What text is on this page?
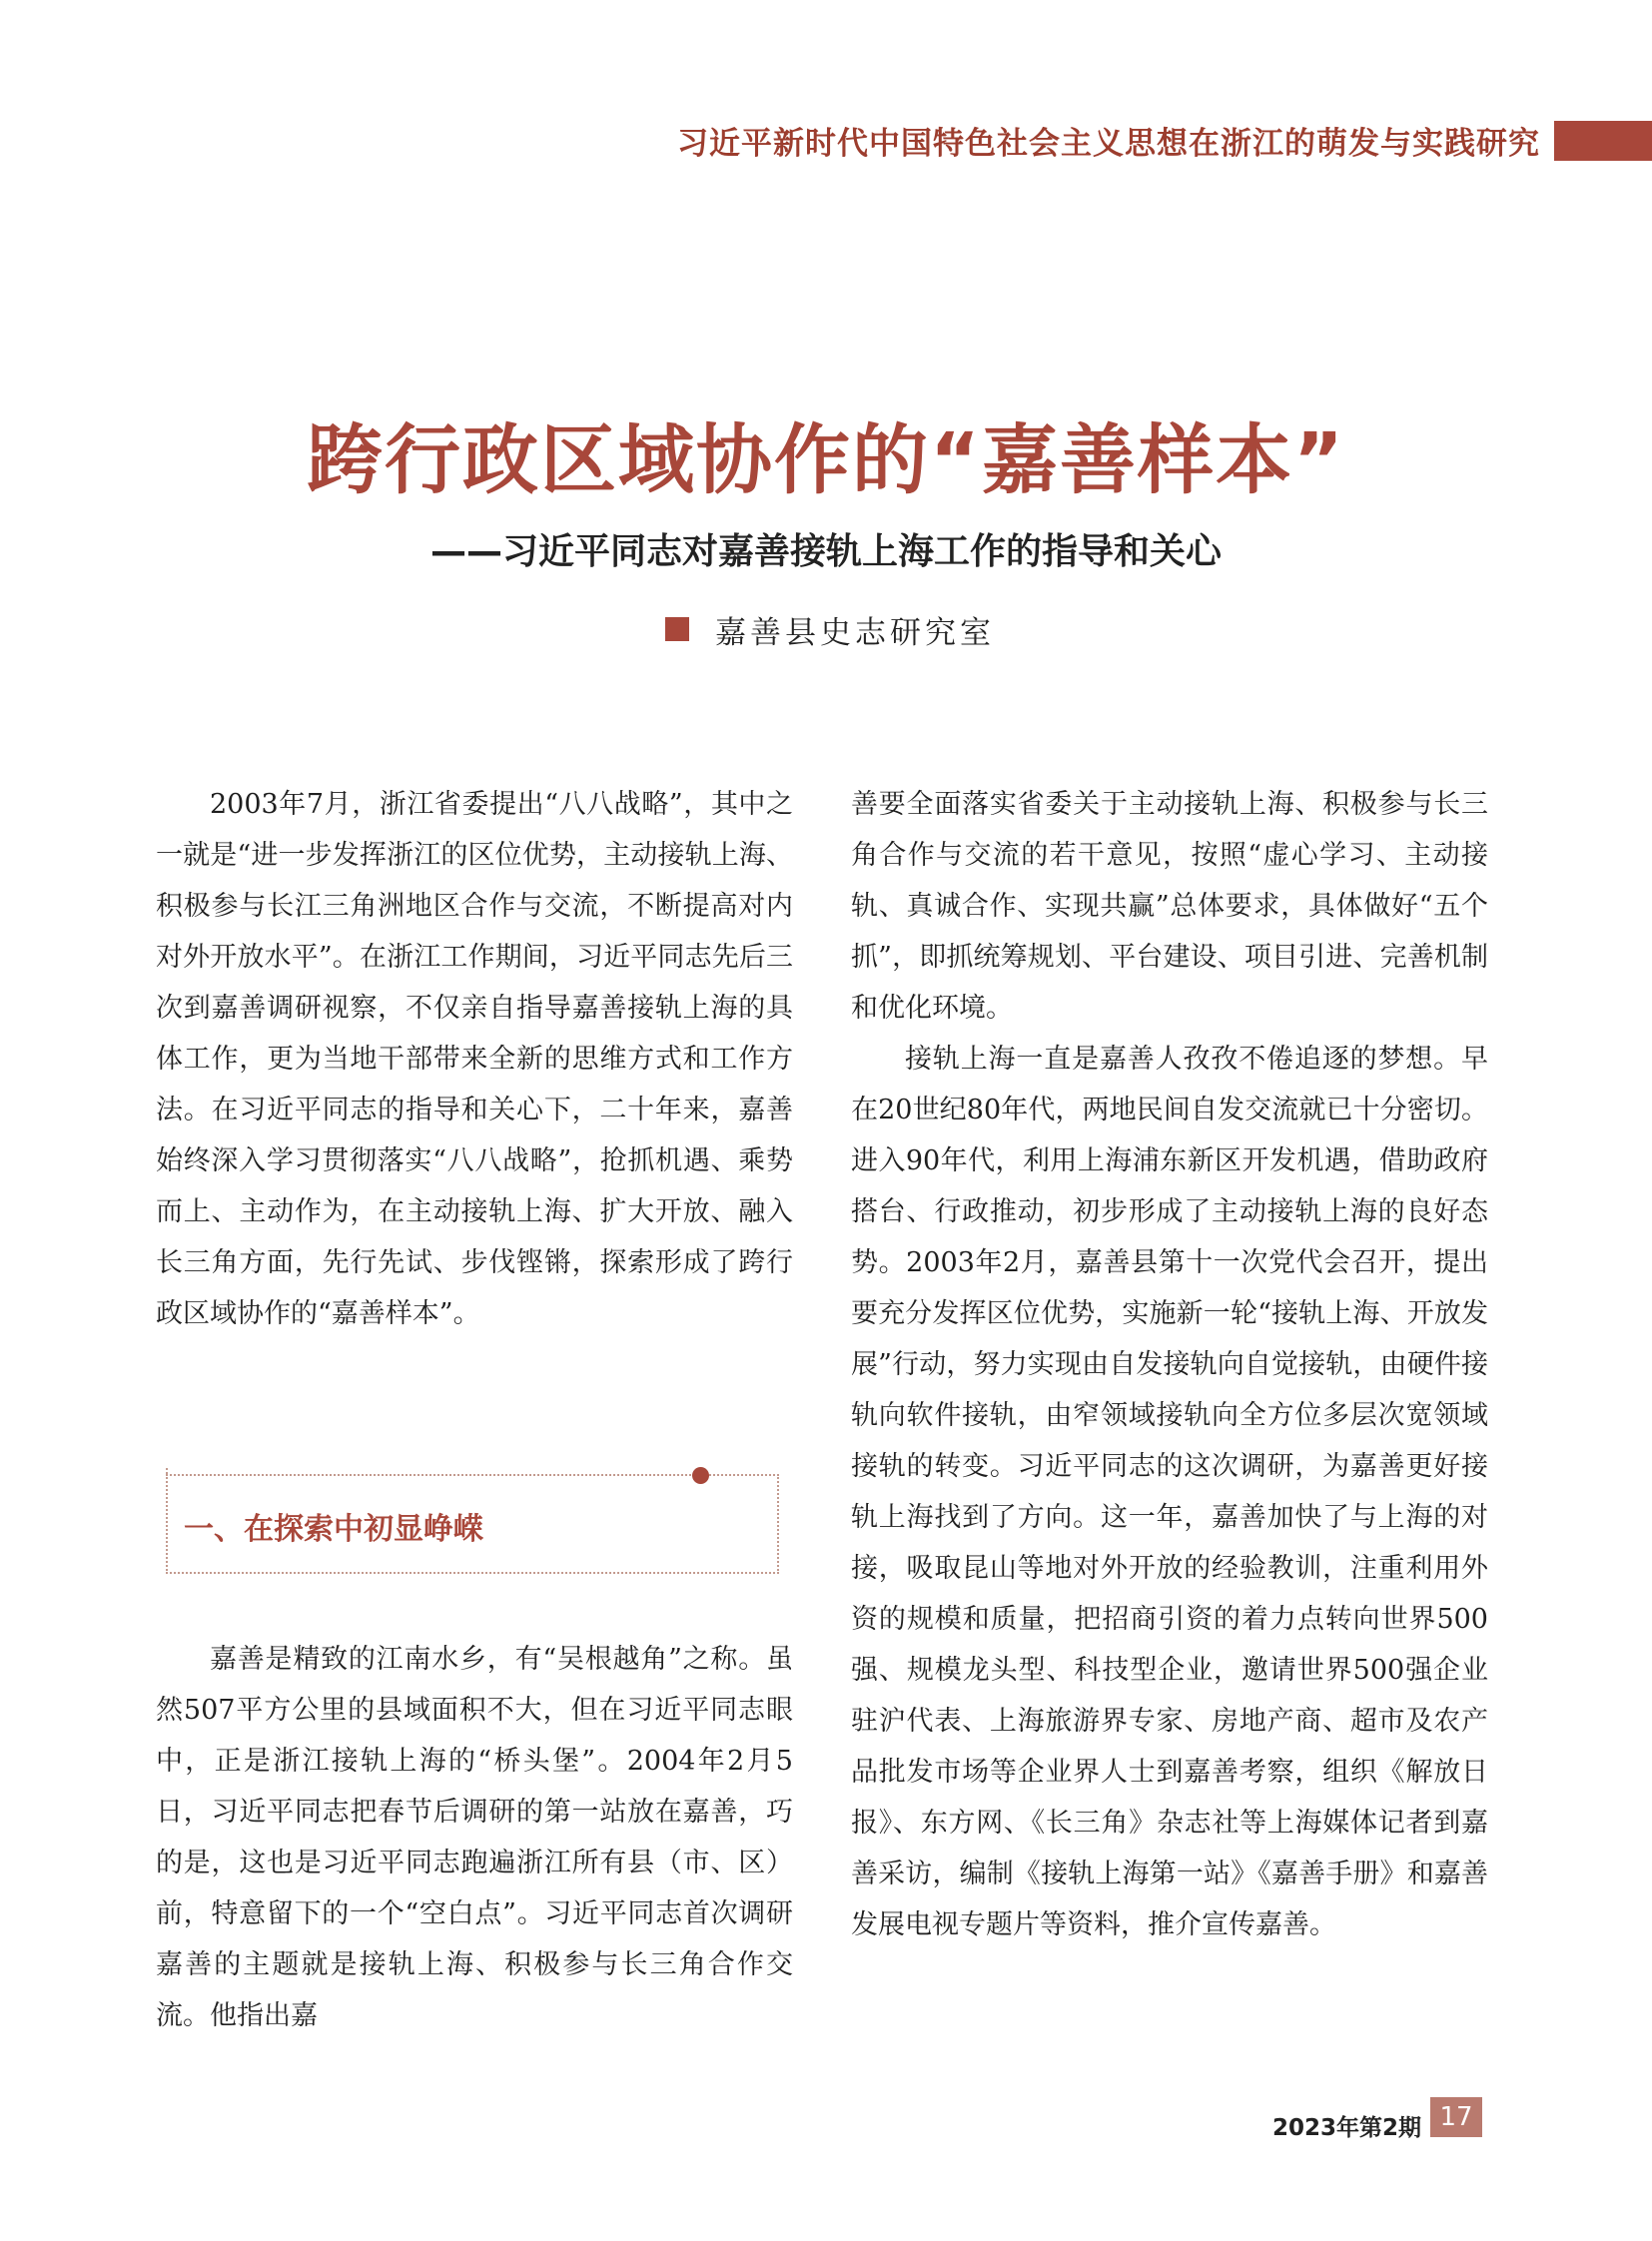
习近平新时代中国特色社会主义思想在浙江的萌发与实践研究
跨行政区域协作的“嘉善样本”
——习近平同志对嘉善接轨上海工作的指导和关心
嘉善县史志研究室

2003年7月，浙江省委提出“八八战略”，其中之一就是“进一步发挥浙江的区位优势，主动接轨上海、积极参与长江三角洲地区合作与交流，不断提高对内对外开放水平”。在浙江工作期间，习近平同志先后三次到嘉善调研视察，不仅亲自指导嘉善接轨上海的具体工作，更为当地干部带来全新的思维方式和工作方法。在习近平同志的指导和关心下，二十年来，嘉善始终深入学习贯彻落实“八八战略”，抢抓机遇、乘势而上、主动作为，在主动接轨上海、扩大开放、融入长三角方面，先行先试、步伐铿锵，探索形成了跨行政区域协作的“嘉善样本”。

一、在探索中初显峥嵘

嘉善是精致的江南水乡，有“吴根越角”之称。虽然507平方公里的县域面积不大，但在习近平同志眼中，正是浙江接轨上海的“桥头堡”。2004年2月5日，习近平同志把春节后调研的第一站放在嘉善，巧的是，这也是习近平同志跑遍浙江所有县（市、区）前，特意留下的一个“空白点”。习近平同志首次调研嘉善的主题就是接轨上海、积极参与长三角合作交流。他指出嘉

善要全面落实省委关于主动接轨上海、积极参与长三角合作与交流的若干意见，按照“虚心学习、主动接轨、真诚合作、实现共赢”总体要求，具体做好“五个抓”，即抓统筹规划、平台建设、项目引进、完善机制和优化环境。

接轨上海一直是嘉善人孜孜不倦追逐的梦想。早在20世纪80年代，两地民间自发交流就已十分密切。进入90年代，利用上海浦东新区开发机遇，借助政府搭台、行政推动，初步形成了主动接轨上海的良好态势。2003年2月，嘉善县第十一次党代会召开，提出要充分发挥区位优势，实施新一轮“接轨上海、开放发展”行动，努力实现由自发接轨向自觉接轨，由硬件接轨向软件接轨，由窄领域接轨向全方位多层次宽领域接轨的转变。习近平同志的这次调研，为嘉善更好接轨上海找到了方向。这一年，嘉善加快了与上海的对接，吸取昆山等地对外开放的经验教训，注重利用外资的规模和质量，把招商引资的着力点转向世界500强、规模龙头型、科技型企业，邀请世界500强企业驻沪代表、上海旅游界专家、房地产商、超市及农产品批发市场等企业界人士到嘉善考察，组织《解放日报》、东方网、《长三角》杂志社等上海媒体记者到嘉善采访，编制《接轨上海第一站》《嘉善手册》和嘉善发展电视专题片等资料，推介宣传嘉善。

2023年第2期 17
